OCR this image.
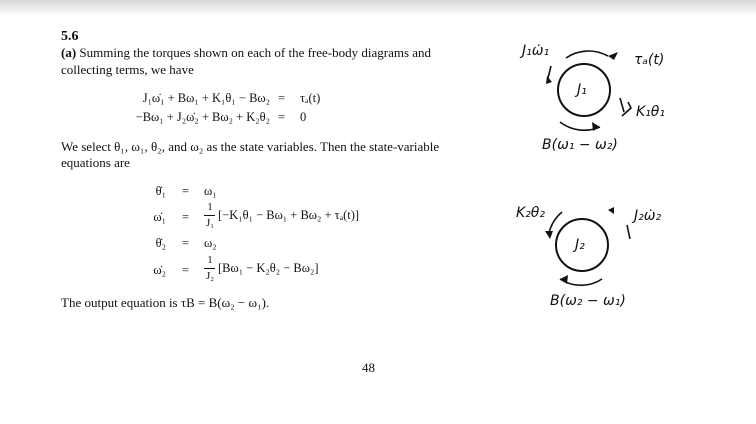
5.6
(a) Summing the torques shown on each of the free-body diagrams and
collecting terms, we have
J₁ω̇₁ + Bω₁ + K₁θ₁ − Bω₂ = τₐ(t)
−Bω₁ + J₂ω̇₂ + Bω₂ + K₂θ₂ = 0
We select θ₁, ω₁, θ₂, and ω₂ as the state variables. Then the state-variable
equations are
θ̇₁ = ω₁
ω̇₁ =
1
J₁
[−K₁θ₁ − Bω₁ + Bω₂ + τₐ(t)]
θ̇₂ = ω₂
ω̇₂ =
1
J₂
[Bω₁ − K₂θ₂ − Bω₂]
The output equation is τB = B(ω₂ − ω₁).
48
J₁ω̇₁
J₁
τₐ(t)
K₁θ₁
B(ω₁ − ω₂)
K₂θ₂	J₂ω̇₂
J₂
B(ω₂ − ω₁)
